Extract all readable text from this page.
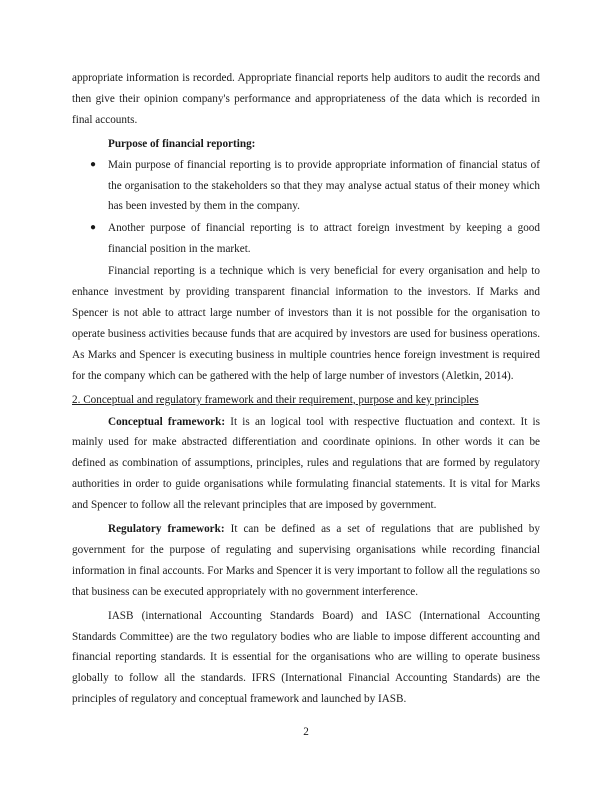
appropriate information is recorded. Appropriate financial reports help auditors to audit the records and then give their opinion company's performance and appropriateness of the data which is recorded in final accounts.

Purpose of financial reporting:

● Main purpose of financial reporting is to provide appropriate information of financial status of the organisation to the stakeholders so that they may analyse actual status of their money which has been invested by them in the company.
● Another purpose of financial reporting is to attract foreign investment by keeping a good financial position in the market.

Financial reporting is a technique which is very beneficial for every organisation and help to enhance investment by providing transparent financial information to the investors. If Marks and Spencer is not able to attract large number of investors than it is not possible for the organisation to operate business activities because funds that are acquired by investors are used for business operations. As Marks and Spencer is executing business in multiple countries hence foreign investment is required for the company which can be gathered with the help of large number of investors (Aletkin, 2014).

2. Conceptual and regulatory framework and their requirement, purpose and key principles

Conceptual framework: It is an logical tool with respective fluctuation and context. It is mainly used for make abstracted differentiation and coordinate opinions. In other words it can be defined as combination of assumptions, principles, rules and regulations that are formed by regulatory authorities in order to guide organisations while formulating financial statements. It is vital for Marks and Spencer to follow all the relevant principles that are imposed by government.

Regulatory framework: It can be defined as a set of regulations that are published by government for the purpose of regulating and supervising organisations while recording financial information in final accounts. For Marks and Spencer it is very important to follow all the regulations so that business can be executed appropriately with no government interference.

IASB (international Accounting Standards Board) and IASC (International Accounting Standards Committee) are the two regulatory bodies who are liable to impose different accounting and financial reporting standards. It is essential for the organisations who are willing to operate business globally to follow all the standards. IFRS (International Financial Accounting Standards) are the principles of regulatory and conceptual framework and launched by IASB.

2
